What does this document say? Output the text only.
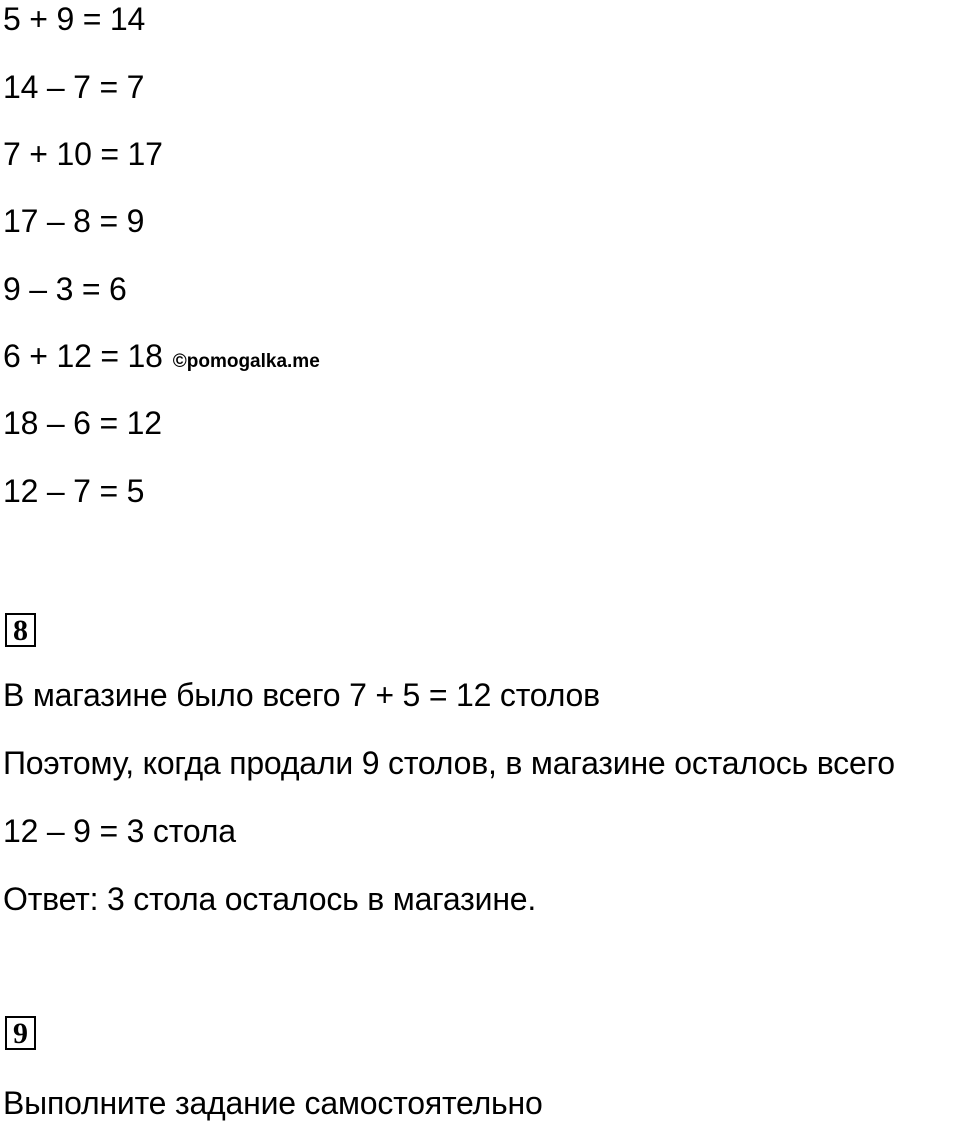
5 + 9 = 14
14 – 7 = 7
7 + 10 = 17
17 – 8 = 9
9 – 3 = 6
6 + 12 = 18 ©pomogalka.me
18 – 6 = 12
12 – 7 = 5
8
В магазине было всего 7 + 5 = 12 столов
Поэтому, когда продали 9 столов, в магазине осталось всего
12 – 9 = 3 стола
Ответ: 3 стола осталось в магазине.
9
Выполните задание самостоятельно
